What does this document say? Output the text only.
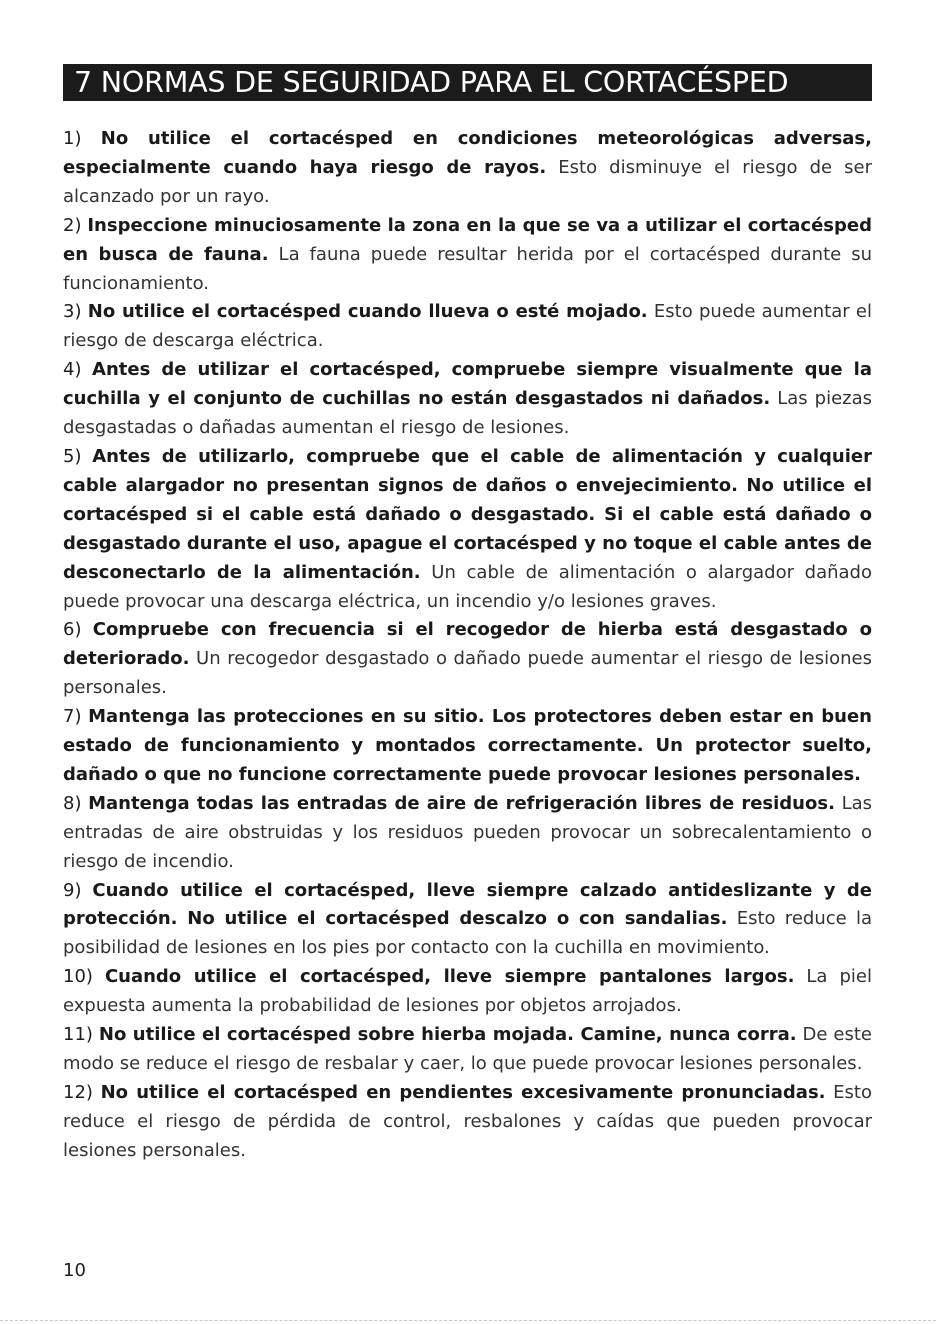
7 NORMAS DE SEGURIDAD PARA EL CORTACÉSPED

1) No utilice el cortacésped en condiciones meteorológicas adversas, especialmente cuando haya riesgo de rayos. Esto disminuye el riesgo de ser alcanzado por un rayo.

2) Inspeccione minuciosamente la zona en la que se va a utilizar el cortacésped en busca de fauna. La fauna puede resultar herida por el cortacésped durante su funcionamiento.

3) No utilice el cortacésped cuando llueva o esté mojado. Esto puede aumentar el riesgo de descarga eléctrica.

4) Antes de utilizar el cortacésped, compruebe siempre visualmente que la cuchilla y el conjunto de cuchillas no están desgastados ni dañados. Las piezas desgastadas o dañadas aumentan el riesgo de lesiones.

5) Antes de utilizarlo, compruebe que el cable de alimentación y cualquier cable alargador no presentan signos de daños o envejecimiento. No utilice el cortacésped si el cable está dañado o desgastado. Si el cable está dañado o desgastado durante el uso, apague el cortacésped y no toque el cable antes de desconectarlo de la alimentación. Un cable de alimentación o alargador dañado puede provocar una descarga eléctrica, un incendio y/o lesiones graves.

6) Compruebe con frecuencia si el recogedor de hierba está desgastado o deteriorado. Un recogedor desgastado o dañado puede aumentar el riesgo de lesiones personales.

7) Mantenga las protecciones en su sitio. Los protectores deben estar en buen estado de funcionamiento y montados correctamente. Un protector suelto, dañado o que no funcione correctamente puede provocar lesiones personales.

8) Mantenga todas las entradas de aire de refrigeración libres de residuos. Las entradas de aire obstruidas y los residuos pueden provocar un sobrecalentamiento o riesgo de incendio.

9) Cuando utilice el cortacésped, lleve siempre calzado antideslizante y de protección. No utilice el cortacésped descalzo o con sandalias. Esto reduce la posibilidad de lesiones en los pies por contacto con la cuchilla en movimiento.

10) Cuando utilice el cortacésped, lleve siempre pantalones largos. La piel expuesta aumenta la probabilidad de lesiones por objetos arrojados.

11) No utilice el cortacésped sobre hierba mojada. Camine, nunca corra. De este modo se reduce el riesgo de resbalar y caer, lo que puede provocar lesiones personales.

12) No utilice el cortacésped en pendientes excesivamente pronunciadas. Esto reduce el riesgo de pérdida de control, resbalones y caídas que pueden provocar lesiones personales.

10
